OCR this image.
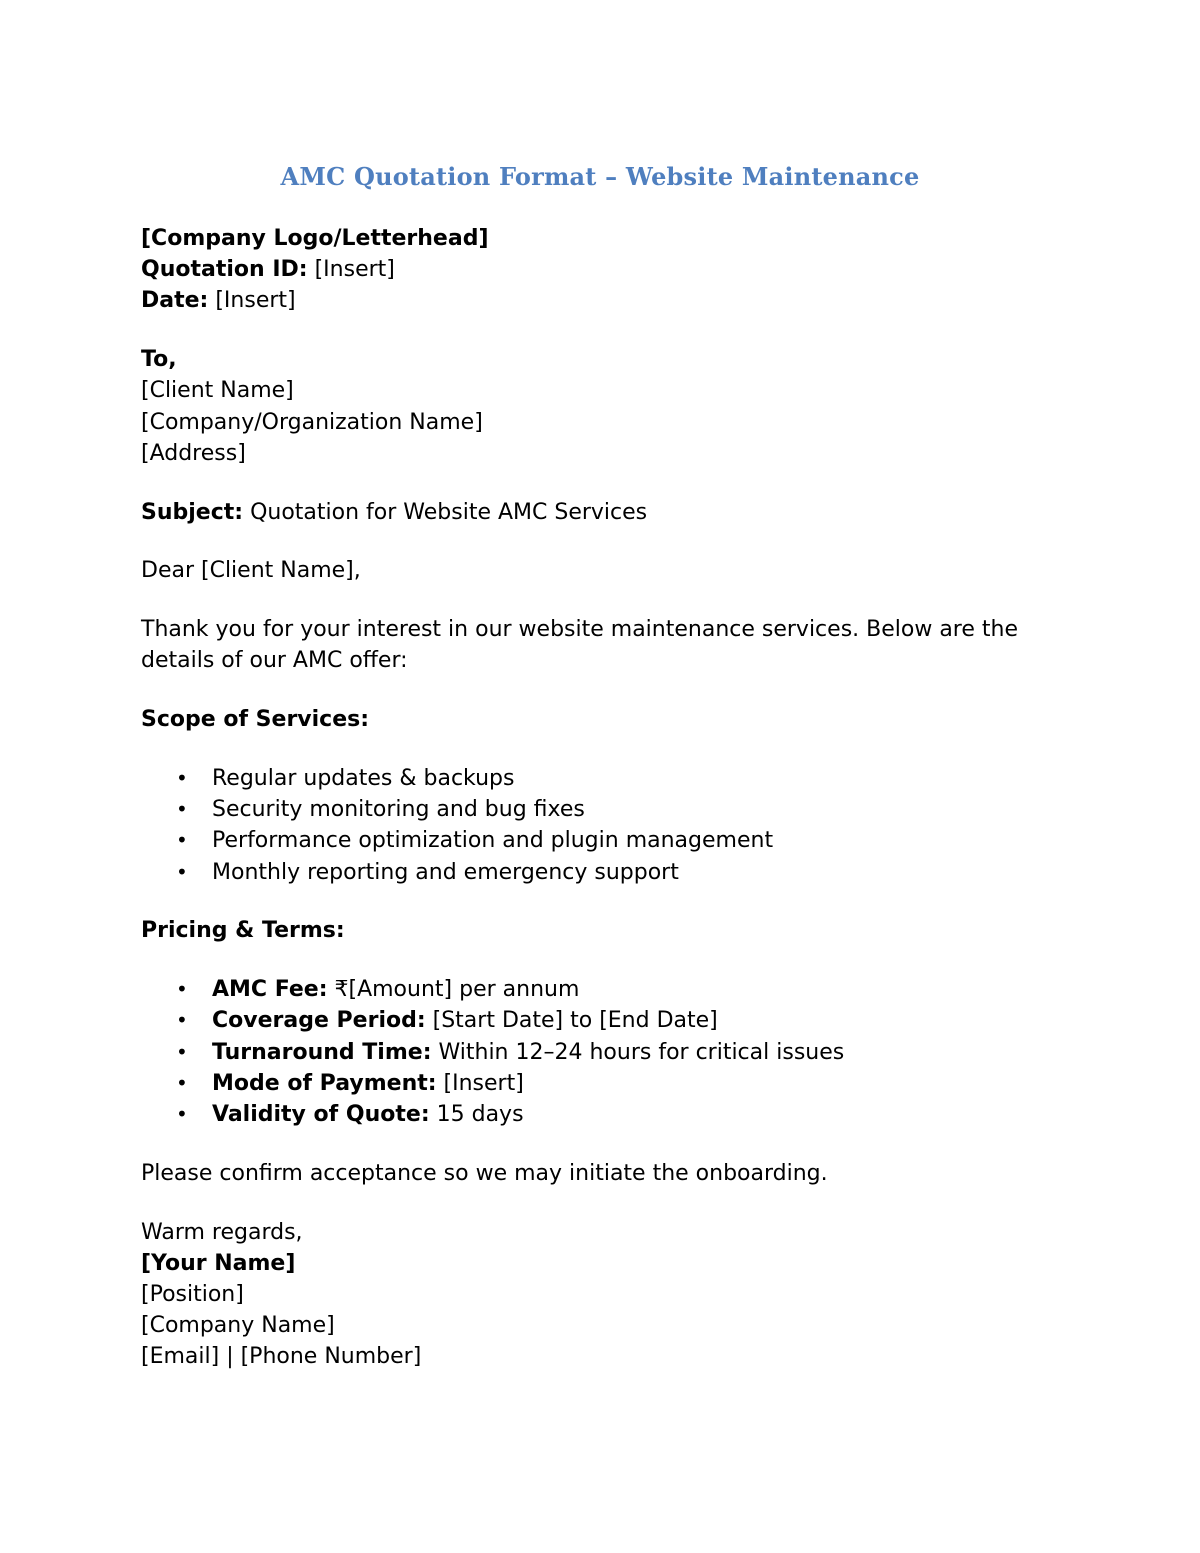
AMC Quotation Format – Website Maintenance
[Company Logo/Letterhead]
Quotation ID: [Insert]
Date: [Insert]
To,
[Client Name]
[Company/Organization Name]
[Address]
Subject: Quotation for Website AMC Services
Dear [Client Name],
Thank you for your interest in our website maintenance services. Below are the details of our AMC offer:
Scope of Services:
• Regular updates & backups
• Security monitoring and bug fixes
• Performance optimization and plugin management
• Monthly reporting and emergency support
Pricing & Terms:
• AMC Fee: ₹[Amount] per annum
• Coverage Period: [Start Date] to [End Date]
• Turnaround Time: Within 12–24 hours for critical issues
• Mode of Payment: [Insert]
• Validity of Quote: 15 days
Please confirm acceptance so we may initiate the onboarding.
Warm regards,
[Your Name]
[Position]
[Company Name]
[Email] | [Phone Number]
